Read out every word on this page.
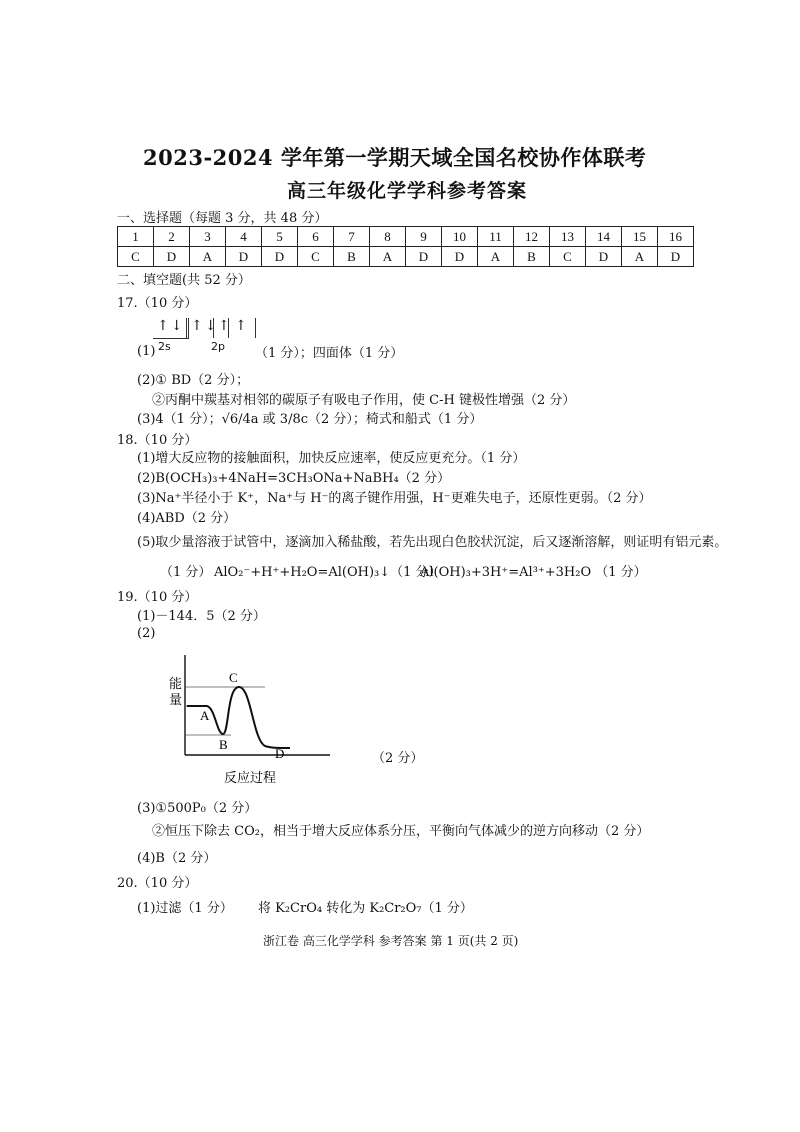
2023-2024 学年第一学期天域全国名校协作体联考
高三年级化学学科参考答案
一、选择题（每题 3 分，共 48 分）
1	2	3	4	5	6	7	8	9	10	11	12	13	14	15	16
C	D	A	D	D	C	B	A	D	D	A	B	C	D	A	D
二、填空题(共 52 分）
17.（10 分）
↑↓ ↑↓ ↑ ↑
2s	2p
(1)	（1 分）；四面体（1 分）
(2)① BD（2 分）；
②丙酮中羰基对相邻的碳原子有吸电子作用，使 C-H 键极性增强（2 分）
(3)4（1 分）；√6/4a 或 3/8c（2 分）；椅式和船式（1 分）
18.（10 分）
(1)增大反应物的接触面积，加快反应速率，使反应更充分。（1 分）
(2)B(OCH₃)₃+4NaH=3CH₃ONa+NaBH₄（2 分）
(3)Na⁺半径小于 K⁺，Na⁺与 H⁻的离子键作用强，H⁻更难失电子，还原性更弱。（2 分）
(4)ABD（2 分）
(5)取少量溶液于试管中，逐滴加入稀盐酸，若先出现白色胶状沉淀，后又逐渐溶解，则证明有铝元素。
（1 分） AlO₂⁻+H⁺+H₂O=Al(OH)₃↓（1 分）
Al(OH)₃+3H⁺=Al³⁺+3H₂O （1 分）
19.（10 分）
(1)－144．5（2 分）
(2)
能
量
A
B
C
D
反应过程
（2 分）
(3)①500P₀（2 分）
②恒压下除去 CO₂，相当于增大反应体系分压，平衡向气体减少的逆方向移动（2 分）
(4)B（2 分）
20.（10 分）
(1)过滤（1 分） 将 K₂CrO₄ 转化为 K₂Cr₂O₇（1 分）
浙江卷 高三化学学科 参考答案 第 1 页(共 2 页)
